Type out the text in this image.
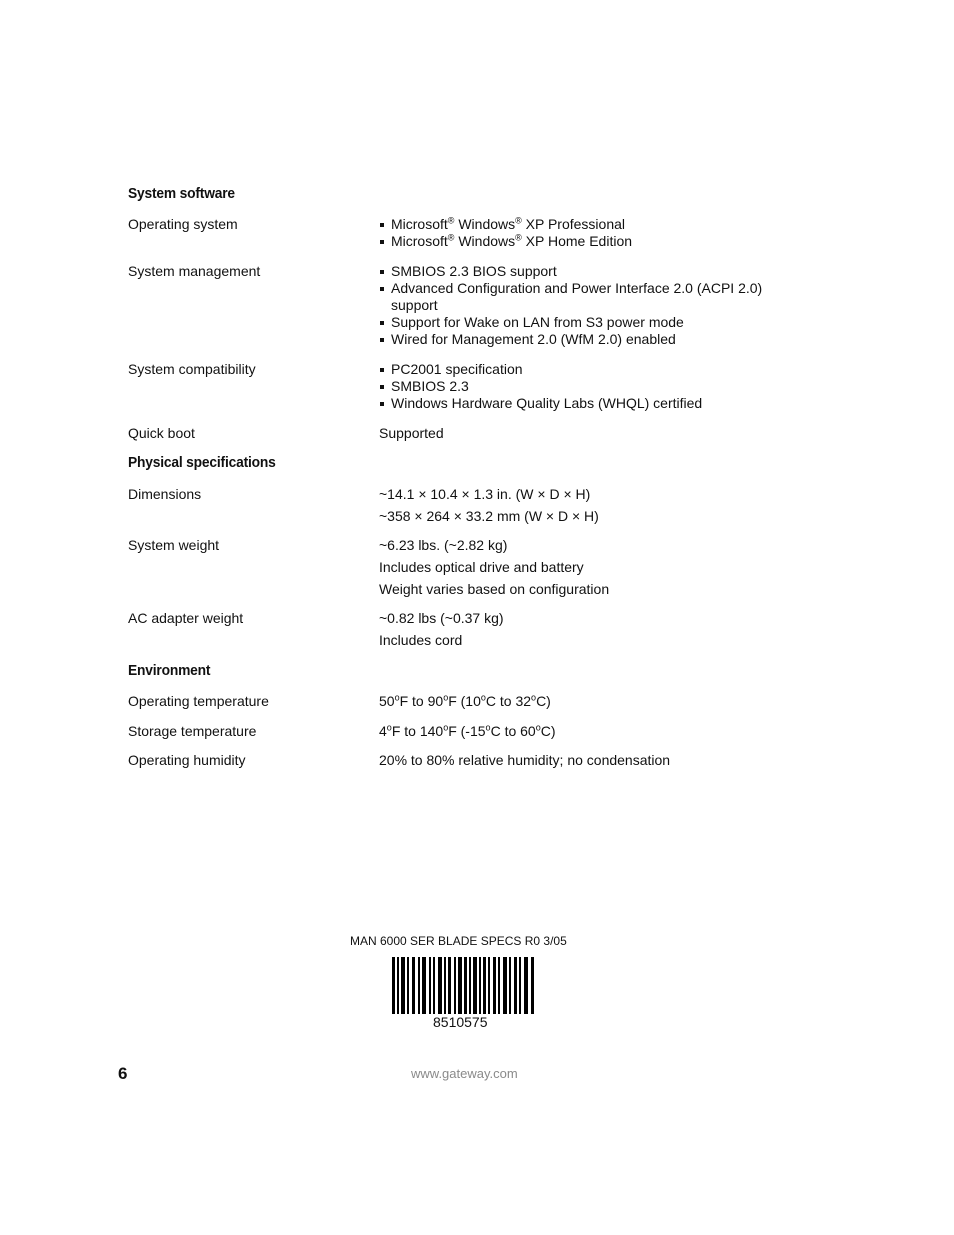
System software
Operating system	Microsoft® Windows® XP Professional
Microsoft® Windows® XP Home Edition
System management	SMBIOS 2.3 BIOS support
Advanced Configuration and Power Interface 2.0 (ACPI 2.0) support
Support for Wake on LAN from S3 power mode
Wired for Management 2.0 (WfM 2.0) enabled
System compatibility	PC2001 specification
SMBIOS 2.3
Windows Hardware Quality Labs (WHQL) certified
Quick boot	Supported
Physical specifications
Dimensions	~14.1 × 10.4 × 1.3 in. (W × D × H)
~358 × 264 × 33.2 mm (W × D × H)
System weight	~6.23 lbs. (~2.82 kg)
Includes optical drive and battery
Weight varies based on configuration
AC adapter weight	~0.82 lbs (~0.37 kg)
Includes cord
Environment
Operating temperature	50$^o$F to 90$^o$F (10$^o$C to 32$^o$C)
Storage temperature	4$^o$F to 140$^o$F (-15$^o$C to 60$^o$C)
Operating humidity	20% to 80% relative humidity; no condensation
MAN 6000 SER BLADE SPECS R0 3/05
8510575
6	www.gateway.com
